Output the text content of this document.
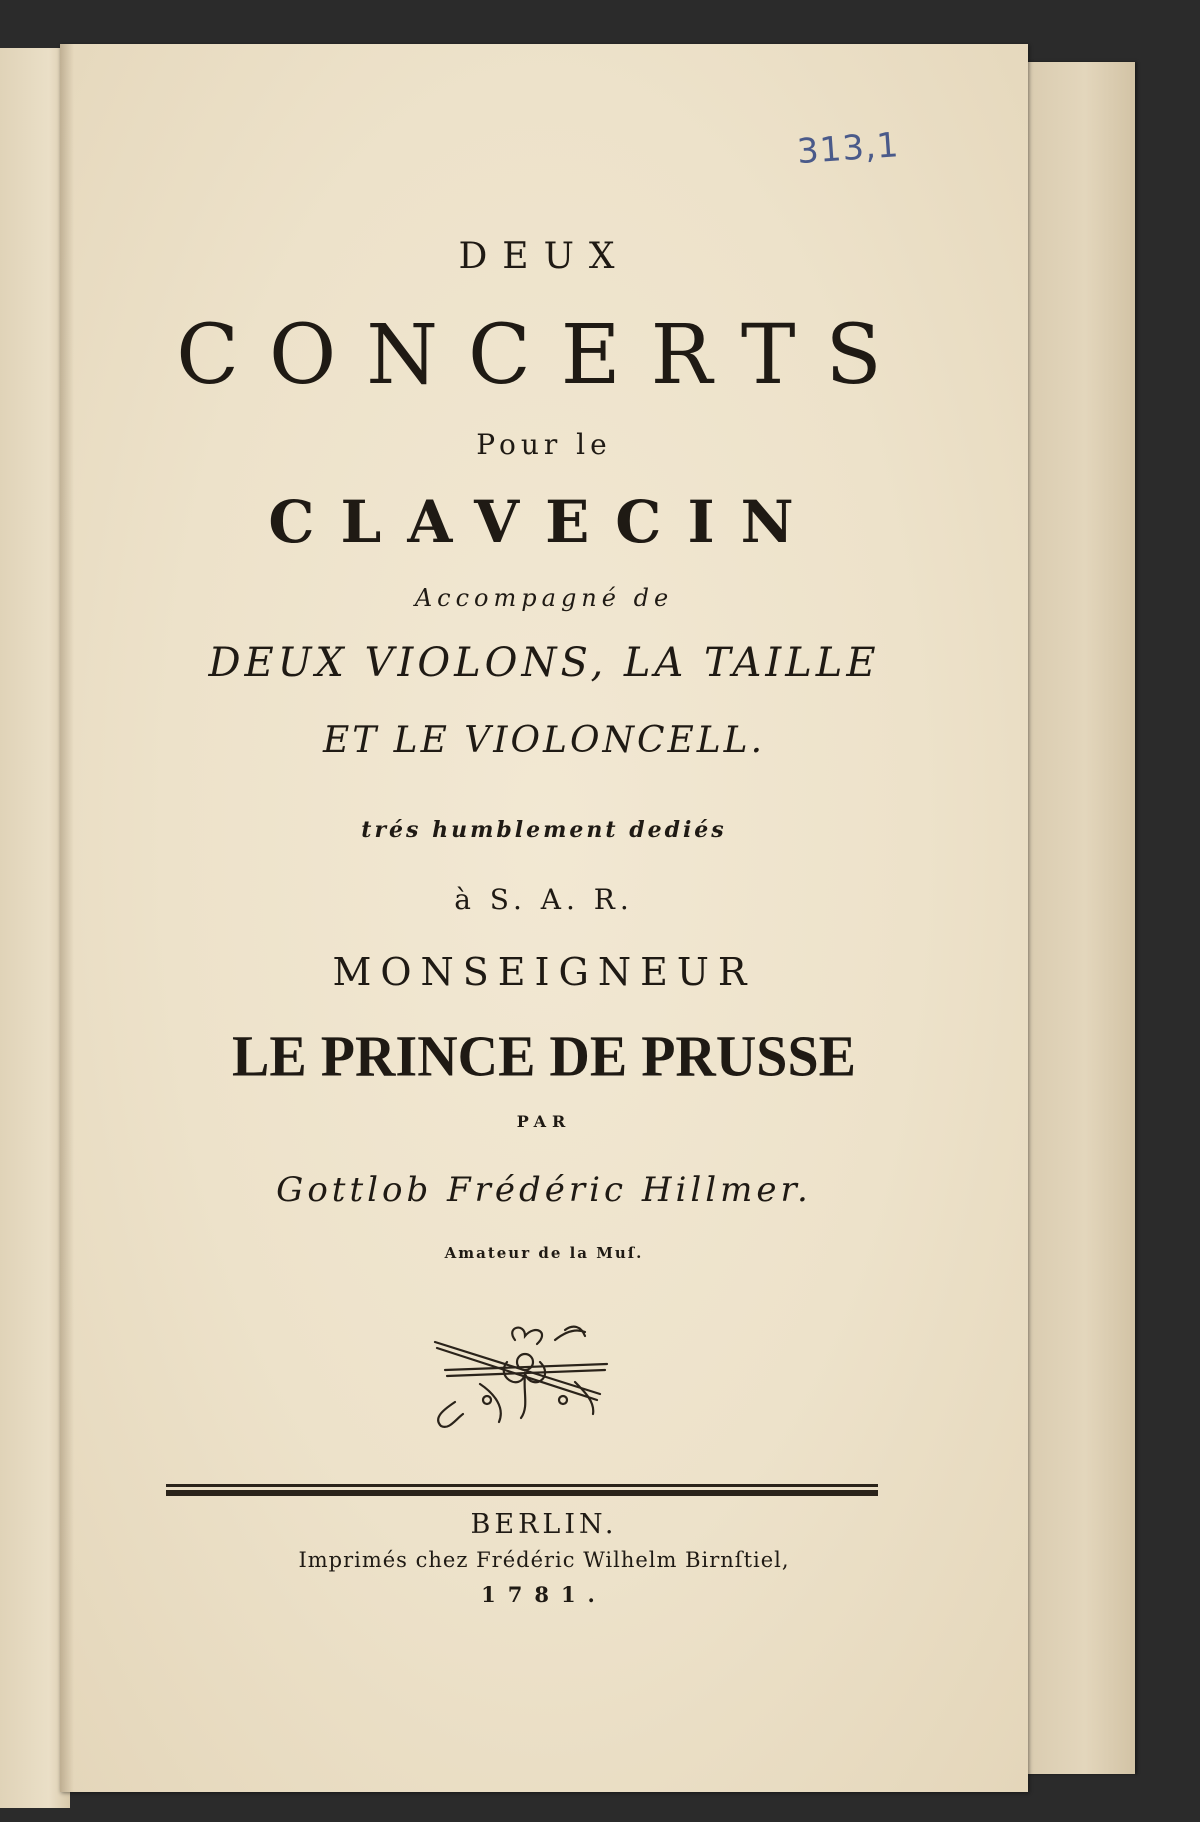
313,1
DEUX
CONCERTS
Pour le
CLAVECIN
Accompagné de
DEUX VIOLONS, LA TAILLE
ET LE VIOLONCELL.
trés humblement dediés
à S. A. R.
MONSEIGNEUR
LE PRINCE DE PRUSSE
PAR
Gottlob Frédéric Hillmer.
Amateur de la Muſ.
BERLIN.
Imprimés chez Frédéric Wilhelm Birnſtiel,
1781.
